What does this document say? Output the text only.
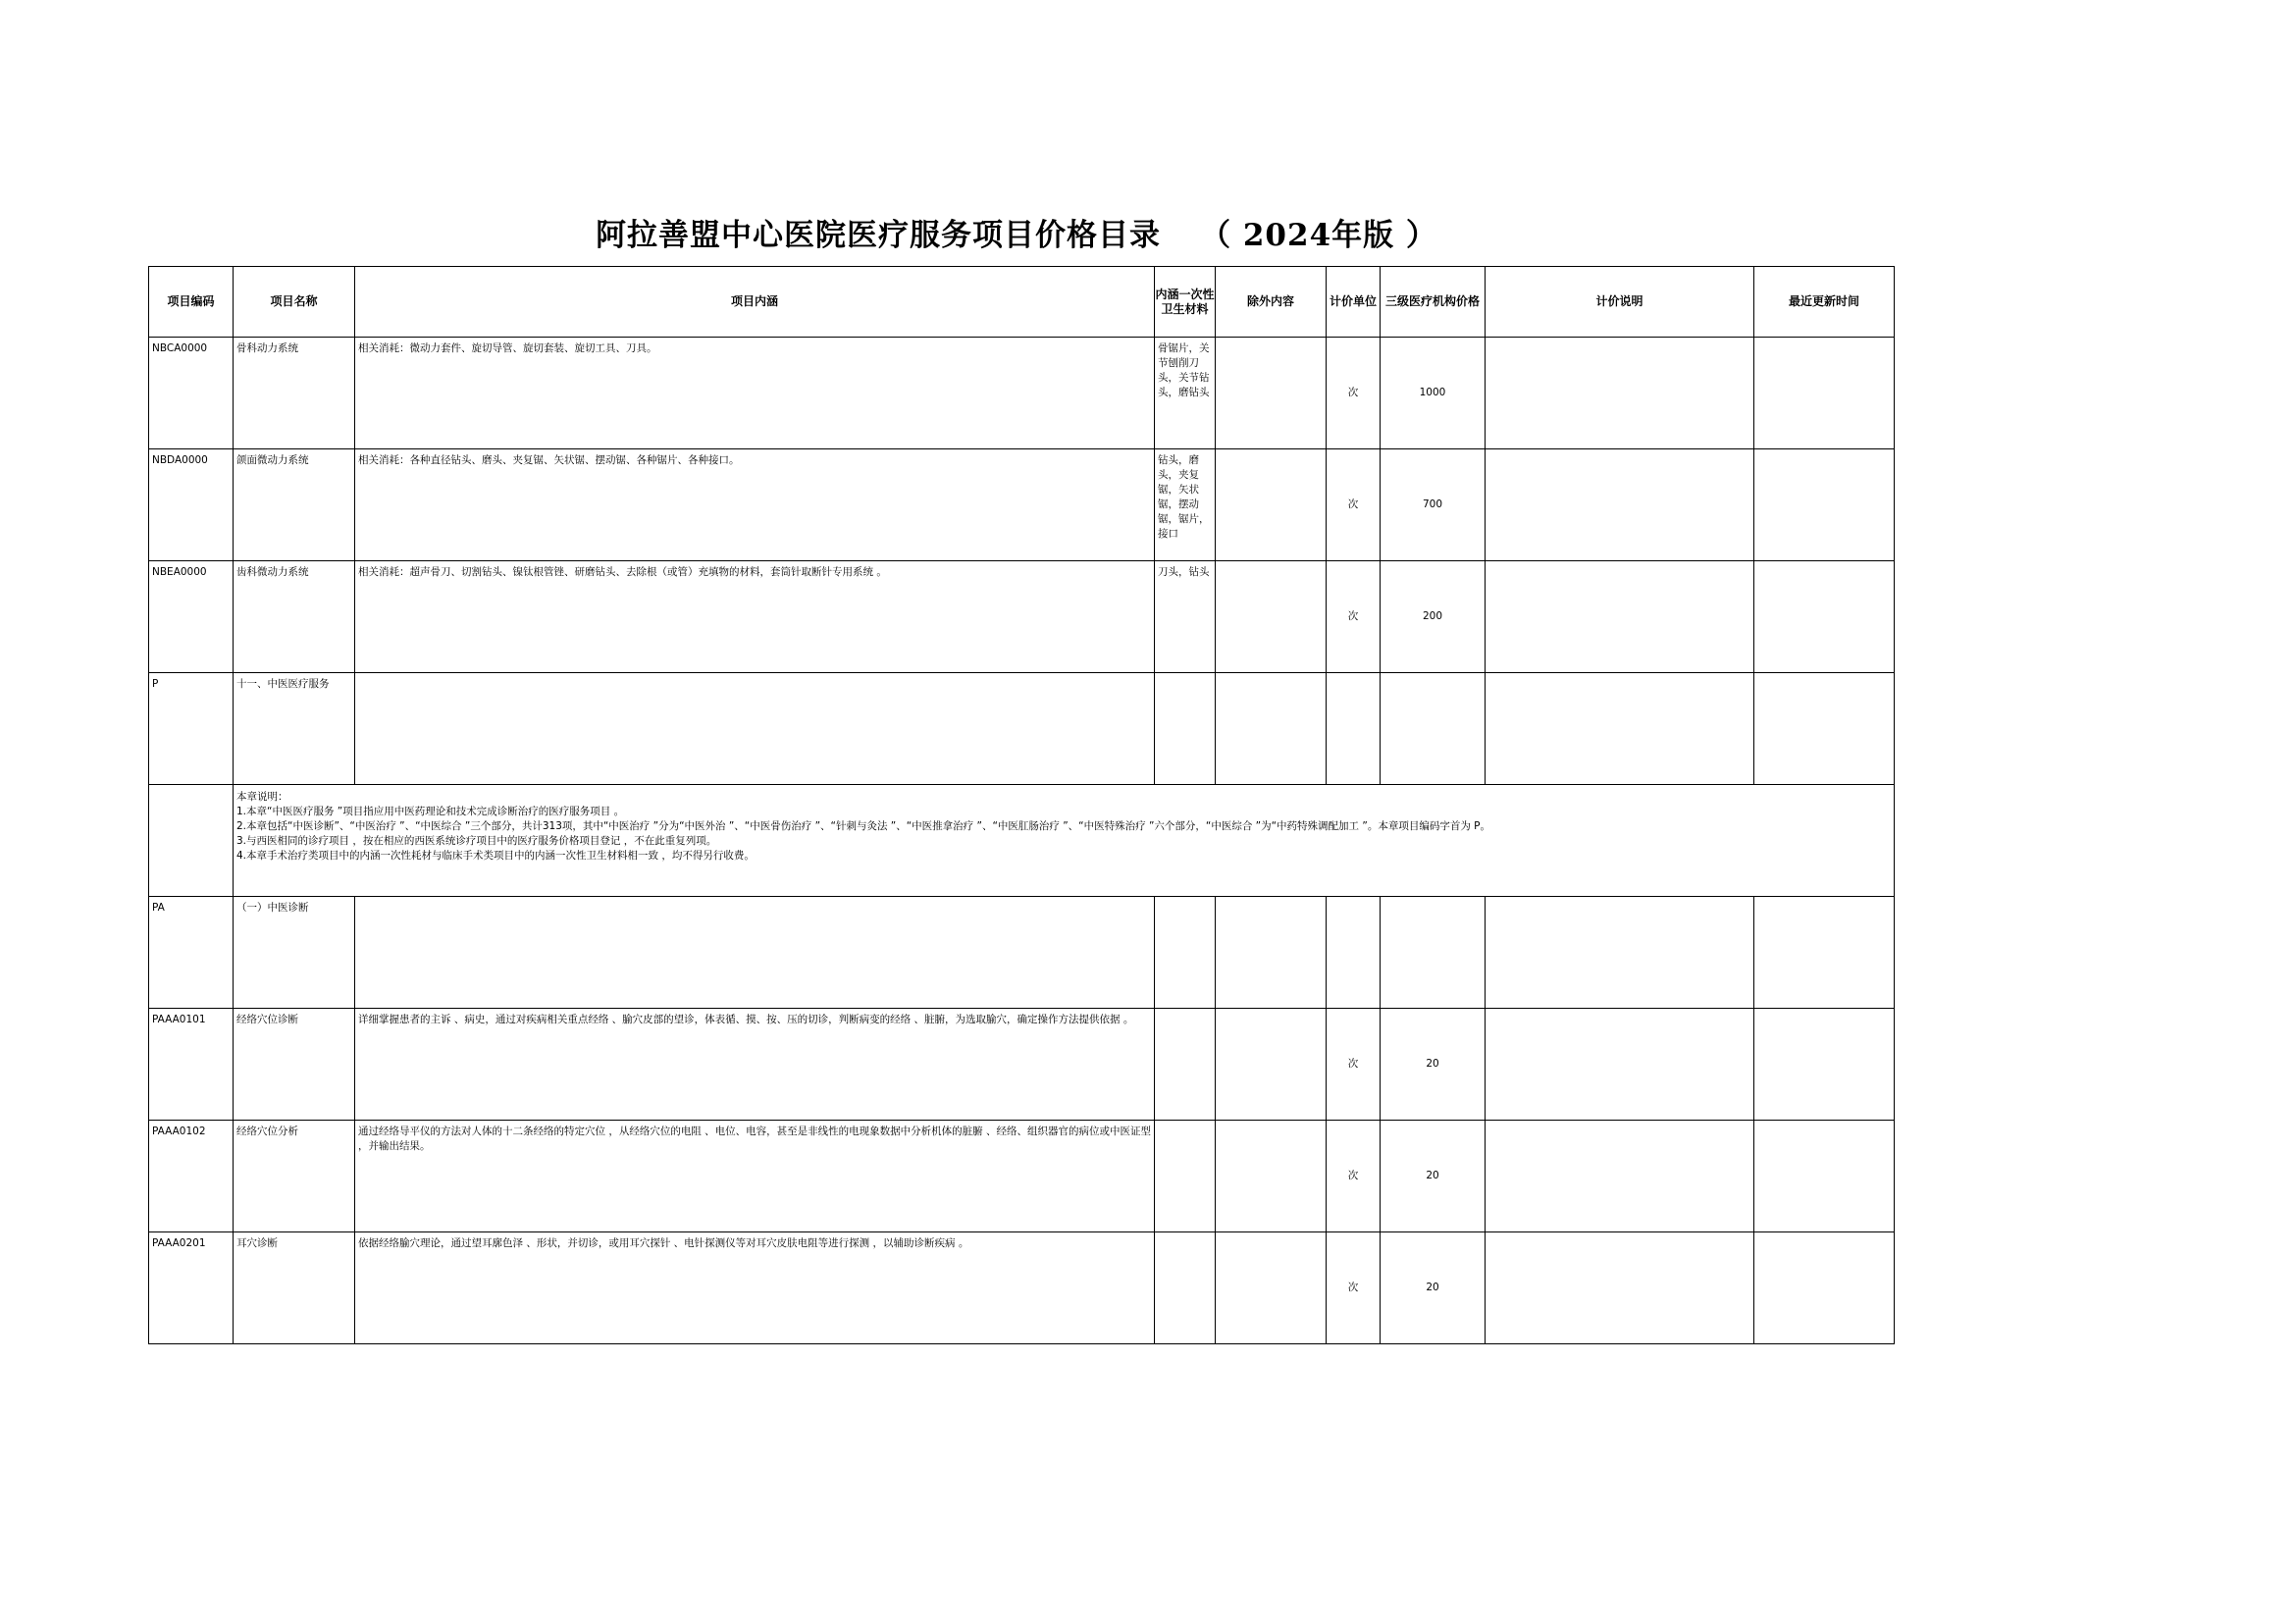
阿拉善盟中心医院医疗服务项目价格目录 （ 2024年版 ）
项目编码	项目名称	项目内涵	内涵一次性卫生材料	除外内容	计价单位	三级医疗机构价格	计价说明	最近更新时间

NBCA0000	骨科动力系统	相关消耗：微动力套件、旋切导管、旋切套装、旋切工具、刀具。	骨锯片，关节刨削刀头，关节钻头，磨钻头		次	1000	

NBDA0000	颌面微动力系统	相关消耗：各种直径钻头、磨头、夹复锯、矢状锯、摆动锯、各种锯片、各种接口。	钻头，磨头，夹复锯，矢状锯，摆动锯，锯片，接口		次	700	

NBEA0000	齿科微动力系统	相关消耗：超声骨刀、切割钻头、镍钛根管锉、研磨钻头、去除根（或管）充填物的材料，套筒针取断针专用系统 。	刀头，钻头		次	200	

P	十一、中医医疗服务							

	本章说明：
1.本章“中医医疗服务 ”项目指应用中医药理论和技术完成诊断治疗的医疗服务项目 。
2.本章包括“中医诊断”、“中医治疗 ”、“中医综合 ”三个部分，共计313项，其中“中医治疗 ”分为“中医外治 ”、“中医骨伤治疗 ”、“针刺与灸法 ”、“中医推拿治疗 ”、“中医肛肠治疗 ”、“中医特殊治疗 ”六个部分，“中医综合 ”为“中药特殊调配加工 ”。本章项目编码字首为 P。
3.与西医相同的诊疗项目 ，按在相应的西医系统诊疗项目中的医疗服务价格项目登记 ，不在此重复列项。
4.本章手术治疗类项目中的内涵一次性耗材与临床手术类项目中的内涵一次性卫生材料相一致 ，均不得另行收费。							

PA	（一）中医诊断							

PAAA0101	经络穴位诊断	详细掌握患者的主诉 、病史，通过对疾病相关重点经络 、腧穴皮部的望诊，体表循、摸、按、压的切诊，判断病变的经络 、脏腑，为选取腧穴，确定操作方法提供依据 。			次	20	

PAAA0102	经络穴位分析	通过经络导平仪的方法对人体的十二条经络的特定穴位 ，从经络穴位的电阻 、电位、电容，甚至是非线性的电现象数据中分析机体的脏腑 、经络、组织器官的病位或中医证型 ，并输出结果。			次	20	

PAAA0201	耳穴诊断	依据经络腧穴理论，通过望耳廓色泽 、形状，并切诊，或用耳穴探针 、电针探测仪等对耳穴皮肤电阻等进行探测 ，以辅助诊断疾病 。			次	20	
